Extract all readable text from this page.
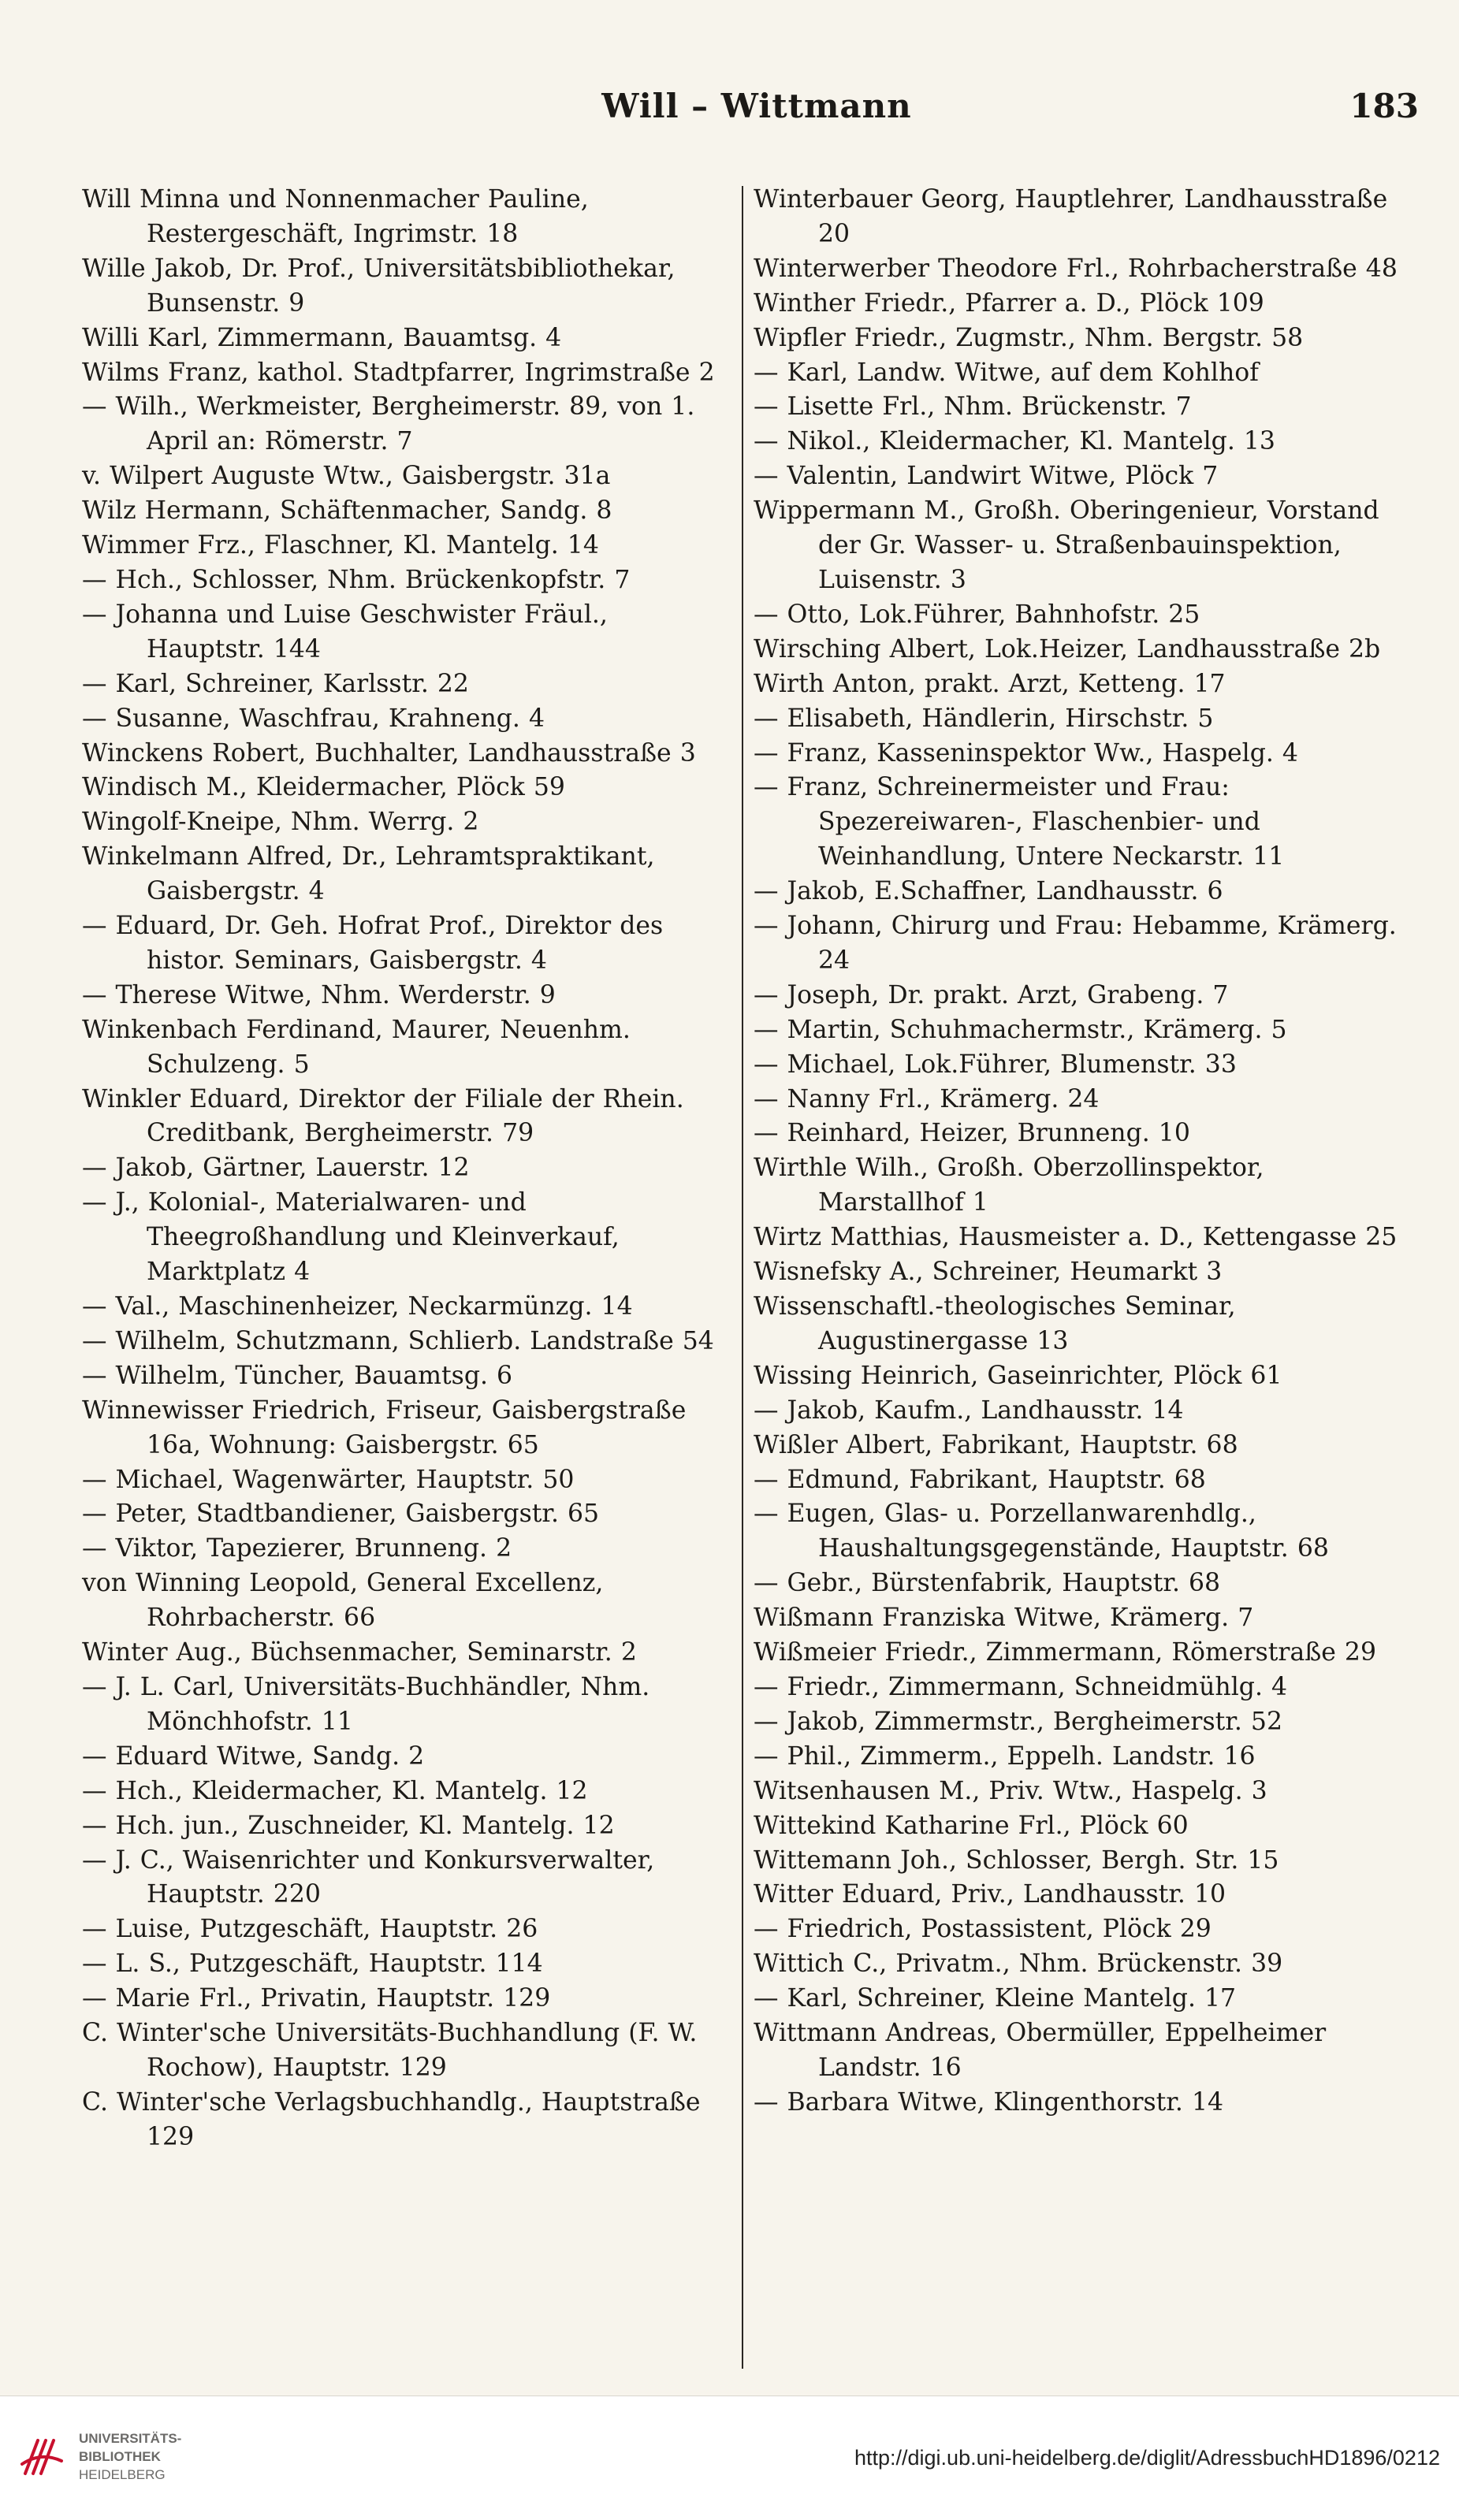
Will – Wittmann	183

Will Minna und Nonnenmacher Pauline, Restergeschäft, Ingrimstr. 18

Wille Jakob, Dr. Prof., Universitätsbibliothekar, Bunsenstr. 9

Willi Karl, Zimmermann, Bauamtsg. 4

Wilms Franz, kathol. Stadtpfarrer, Ingrimstraße 2

— Wilh., Werkmeister, Bergheimerstr. 89, von 1. April an: Römerstr. 7

v. Wilpert Auguste Wtw., Gaisbergstr. 31a

Wilz Hermann, Schäftenmacher, Sandg. 8

Wimmer Frz., Flaschner, Kl. Mantelg. 14

— Hch., Schlosser, Nhm. Brückenkopfstr. 7

— Johanna und Luise Geschwister Fräul., Hauptstr. 144

— Karl, Schreiner, Karlsstr. 22

— Susanne, Waschfrau, Krahneng. 4

Winckens Robert, Buchhalter, Landhausstraße 3

Windisch M., Kleidermacher, Plöck 59

Wingolf-Kneipe, Nhm. Werrg. 2

Winkelmann Alfred, Dr., Lehramtspraktikant, Gaisbergstr. 4

— Eduard, Dr. Geh. Hofrat Prof., Direktor des histor. Seminars, Gaisbergstr. 4

— Therese Witwe, Nhm. Werderstr. 9

Winkenbach Ferdinand, Maurer, Neuenhm. Schulzeng. 5

Winkler Eduard, Direktor der Filiale der Rhein. Creditbank, Bergheimerstr. 79

— Jakob, Gärtner, Lauerstr. 12

— J., Kolonial-, Materialwaren- und Theegroßhandlung und Kleinverkauf, Marktplatz 4

— Val., Maschinenheizer, Neckarmünzg. 14

— Wilhelm, Schutzmann, Schlierb. Landstraße 54

— Wilhelm, Tüncher, Bauamtsg. 6

Winnewisser Friedrich, Friseur, Gaisbergstraße 16a, Wohnung: Gaisbergstr. 65

— Michael, Wagenwärter, Hauptstr. 50

— Peter, Stadtbandiener, Gaisbergstr. 65

— Viktor, Tapezierer, Brunneng. 2

von Winning Leopold, General Excellenz, Rohrbacherstr. 66

Winter Aug., Büchsenmacher, Seminarstr. 2

— J. L. Carl, Universitäts-Buchhändler, Nhm. Mönchhofstr. 11

— Eduard Witwe, Sandg. 2

— Hch., Kleidermacher, Kl. Mantelg. 12

— Hch. jun., Zuschneider, Kl. Mantelg. 12

— J. C., Waisenrichter und Konkursverwalter, Hauptstr. 220

— Luise, Putzgeschäft, Hauptstr. 26

— L. S., Putzgeschäft, Hauptstr. 114

— Marie Frl., Privatin, Hauptstr. 129

C. Winter'sche Universitäts-Buchhandlung (F. W. Rochow), Hauptstr. 129

C. Winter'sche Verlagsbuchhandlg., Hauptstraße 129

Winterbauer Georg, Hauptlehrer, Landhausstraße 20

Winterwerber Theodore Frl., Rohrbacherstraße 48

Winther Friedr., Pfarrer a. D., Plöck 109

Wipfler Friedr., Zugmstr., Nhm. Bergstr. 58

— Karl, Landw. Witwe, auf dem Kohlhof

— Lisette Frl., Nhm. Brückenstr. 7

— Nikol., Kleidermacher, Kl. Mantelg. 13

— Valentin, Landwirt Witwe, Plöck 7

Wippermann M., Großh. Oberingenieur, Vorstand der Gr. Wasser- u. Straßenbauinspektion, Luisenstr. 3

— Otto, Lok.Führer, Bahnhofstr. 25

Wirsching Albert, Lok.Heizer, Landhausstraße 2b

Wirth Anton, prakt. Arzt, Ketteng. 17

— Elisabeth, Händlerin, Hirschstr. 5

— Franz, Kasseninspektor Ww., Haspelg. 4

— Franz, Schreinermeister und Frau: Spezereiwaren-, Flaschenbier- und Weinhandlung, Untere Neckarstr. 11

— Jakob, E.Schaffner, Landhausstr. 6

— Johann, Chirurg und Frau: Hebamme, Krämerg. 24

— Joseph, Dr. prakt. Arzt, Grabeng. 7

— Martin, Schuhmachermstr., Krämerg. 5

— Michael, Lok.Führer, Blumenstr. 33

— Nanny Frl., Krämerg. 24

— Reinhard, Heizer, Brunneng. 10

Wirthle Wilh., Großh. Oberzollinspektor, Marstallhof 1

Wirtz Matthias, Hausmeister a. D., Kettengasse 25

Wisnefsky A., Schreiner, Heumarkt 3

Wissenschaftl.-theologisches Seminar, Augustinergasse 13

Wissing Heinrich, Gaseinrichter, Plöck 61

— Jakob, Kaufm., Landhausstr. 14

Wißler Albert, Fabrikant, Hauptstr. 68

— Edmund, Fabrikant, Hauptstr. 68

— Eugen, Glas- u. Porzellanwarenhdlg., Haushaltungsgegenstände, Hauptstr. 68

— Gebr., Bürstenfabrik, Hauptstr. 68

Wißmann Franziska Witwe, Krämerg. 7

Wißmeier Friedr., Zimmermann, Römerstraße 29

— Friedr., Zimmermann, Schneidmühlg. 4

— Jakob, Zimmermstr., Bergheimerstr. 52

— Phil., Zimmerm., Eppelh. Landstr. 16

Witsenhausen M., Priv. Wtw., Haspelg. 3

Wittekind Katharine Frl., Plöck 60

Wittemann Joh., Schlosser, Bergh. Str. 15

Witter Eduard, Priv., Landhausstr. 10

— Friedrich, Postassistent, Plöck 29

Wittich C., Privatm., Nhm. Brückenstr. 39

— Karl, Schreiner, Kleine Mantelg. 17

Wittmann Andreas, Obermüller, Eppelheimer Landstr. 16

— Barbara Witwe, Klingenthorstr. 14

UNIVERSITÄTS-
BIBLIOTHEK
HEIDELBERG
http://digi.ub.uni-heidelberg.de/diglit/AdressbuchHD1896/0212
